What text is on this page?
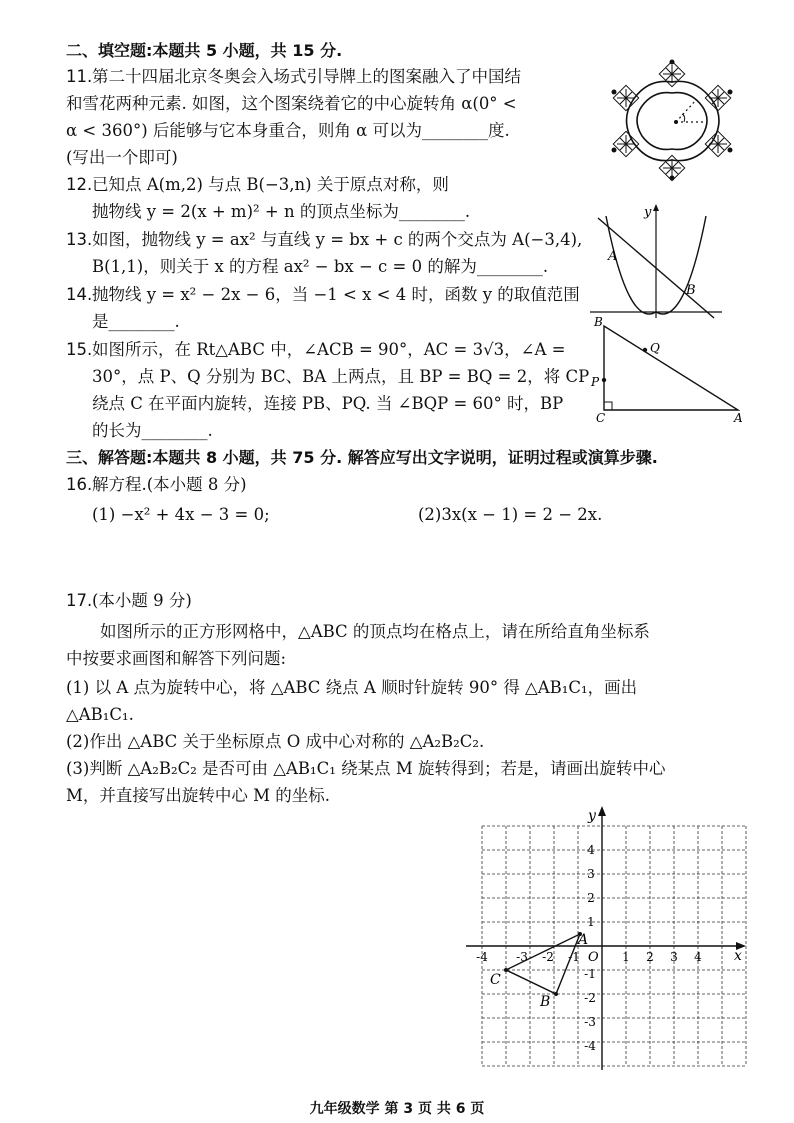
二、填空题:本题共 5 小题，共 15 分.
11. 第二十四届北京冬奥会入场式引导牌上的图案融入了中国结
和雪花两种元素. 如图，这个图案绕着它的中心旋转角 α(0° <
α < 360°) 后能够与它本身重合，则角 α 可以为________度.
(写出一个即可)
12. 已知点 A(m,2) 与点 B(−3,n) 关于原点对称，则
抛物线 y = 2(x + m)² + n 的顶点坐标为________.
13. 如图，抛物线 y = ax² 与直线 y = bx + c 的两个交点为 A(−3,4),
B(1,1)，则关于 x 的方程 ax² − bx − c = 0 的解为________.
y
A
B
14. 抛物线 y = x² − 2x − 6，当 −1 < x < 4 时，函数 y 的取值范围
是________.
15. 如图所示，在 Rt△ABC 中，∠ACB = 90°，AC = 3√3，∠A =
30°，点 P、Q 分别为 BC、BA 上两点，且 BP = BQ = 2，将 CP
绕点 C 在平面内旋转，连接 PB、PQ. 当 ∠BQP = 60° 时，BP
的长为________.
B
Q
P
C	A
三、解答题:本题共 8 小题，共 75 分. 解答应写出文字说明，证明过程或演算步骤.
16. 解方程.(本小题 8 分)
(1) −x² + 4x − 3 = 0;	(2)3x(x − 1) = 2 − 2x.
17. (本小题 9 分)
如图所示的正方形网格中，△ABC 的顶点均在格点上，请在所给直角坐标系
中按要求画图和解答下列问题:
(1) 以 A 点为旋转中心，将 △ABC 绕点 A 顺时针旋转 90° 得 △AB₁C₁，画出
△AB₁C₁.
(2)作出 △ABC 关于坐标原点 O 成中心对称的 △A₂B₂C₂.
(3)判断 △A₂B₂C₂ 是否可由 △AB₁C₁ 绕某点 M 旋转得到；若是，请画出旋转中心
M，并直接写出旋转中心 M 的坐标.
x
y
O
-4 -3 -2 -1	1 2 3 4
4
3
2
1
-1
-2
-3
-4
A
B
C
九年级数学 第 3 页 共 6 页
